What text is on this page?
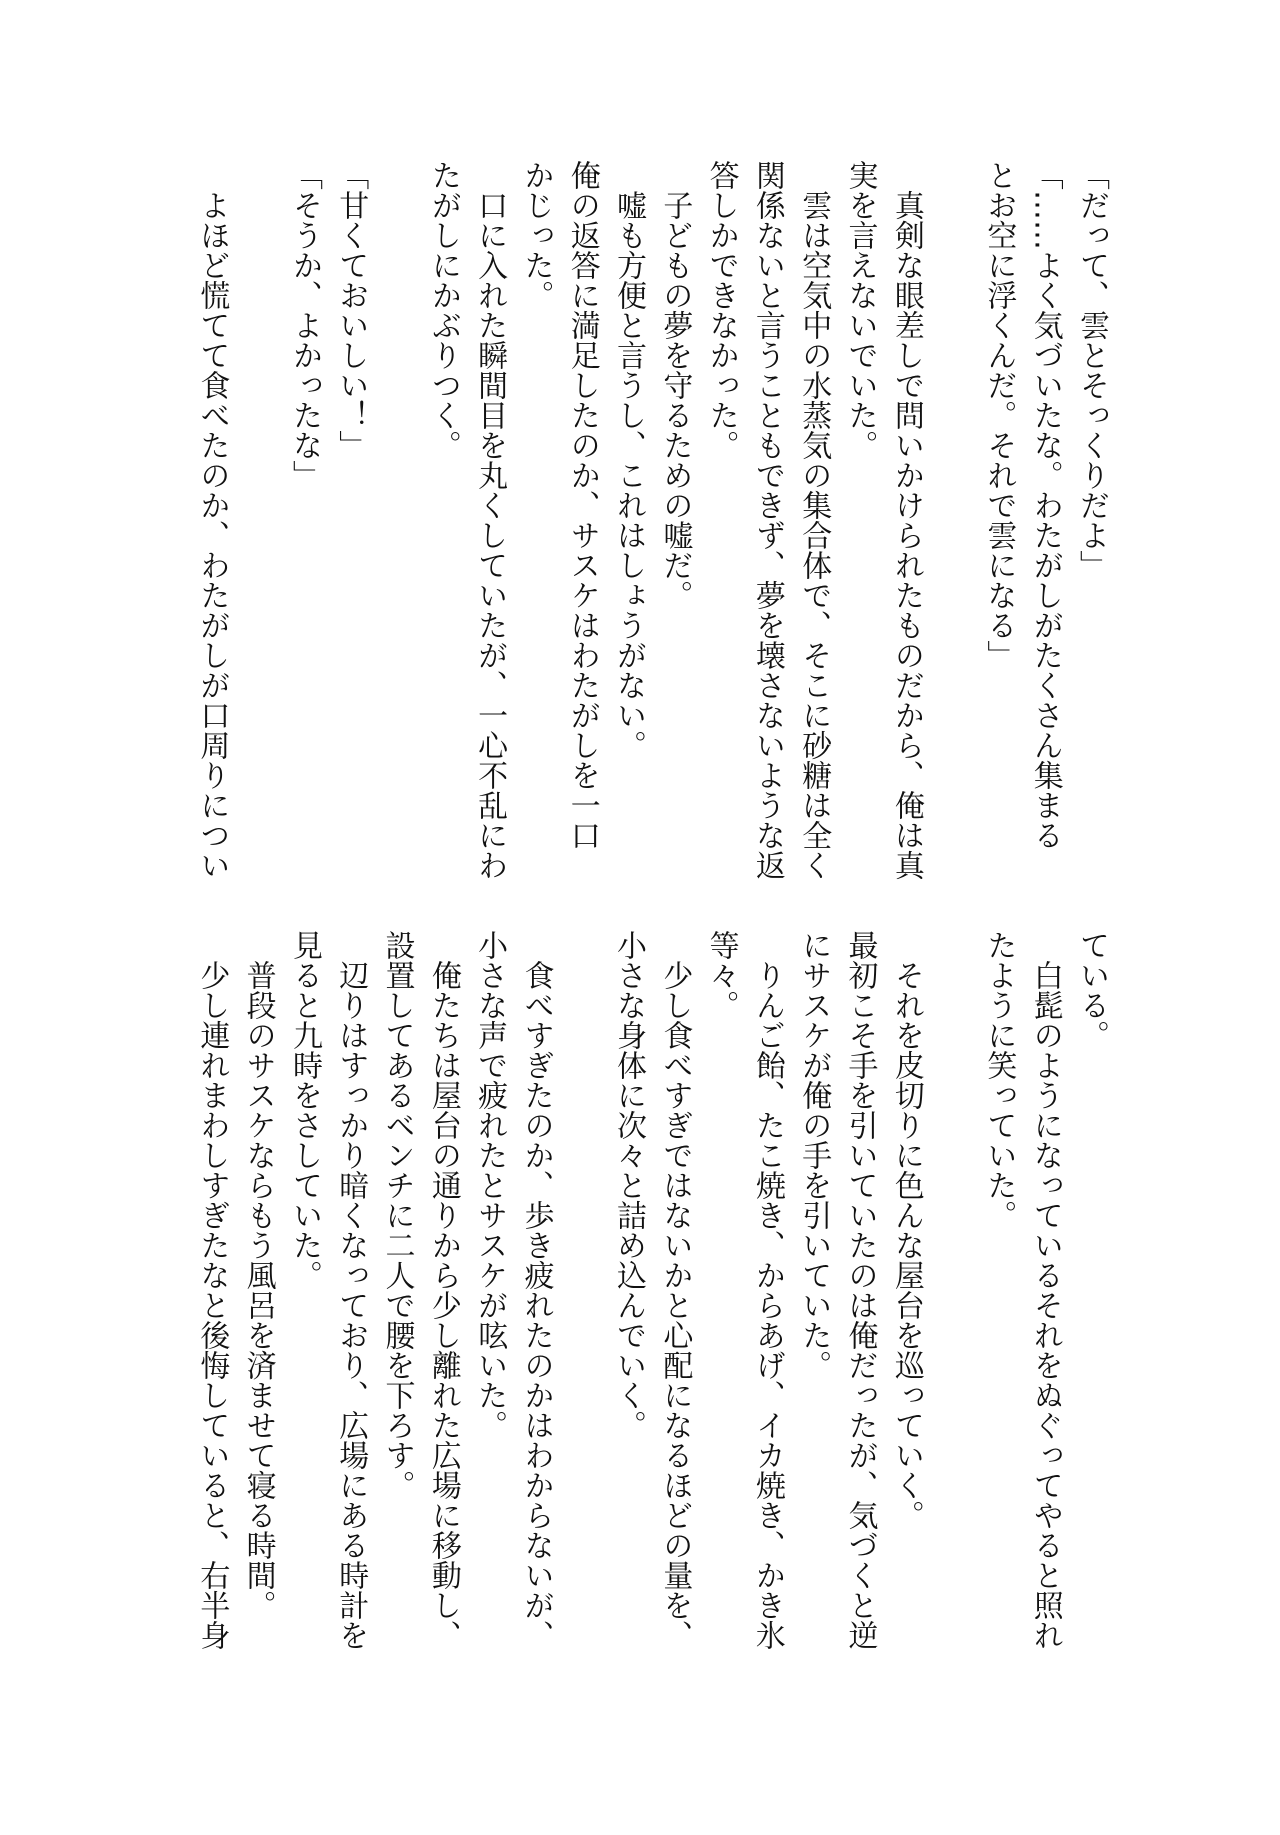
「だって、雲とそっくりだよ」
「……よく気づいたな。わたがしがたくさん集まる
とお空に浮くんだ。それで雲になる」
真剣な眼差しで問いかけられたものだから、俺は真
実を言えないでいた。
雲は空気中の水蒸気の集合体で、そこに砂糖は全く
関係ないと言うこともできず、夢を壊さないような返
答しかできなかった。
子どもの夢を守るための嘘だ。
嘘も方便と言うし、これはしょうがない。
俺の返答に満足したのか、サスケはわたがしを一口
かじった。
口に入れた瞬間目を丸くしていたが、一心不乱にわ
たがしにかぶりつく。
「甘くておいしい！」
「そうか、よかったな」
よほど慌てて食べたのか、わたがしが口周りについ
ている。
白髭のようになっているそれをぬぐってやると照れ
たように笑っていた。
それを皮切りに色んな屋台を巡っていく。
最初こそ手を引いていたのは俺だったが、気づくと逆
にサスケが俺の手を引いていた。
りんご飴、たこ焼き、からあげ、イカ焼き、かき氷
等々。
少し食べすぎではないかと心配になるほどの量を、
小さな身体に次々と詰め込んでいく。
食べすぎたのか、歩き疲れたのかはわからないが、
小さな声で疲れたとサスケが呟いた。
俺たちは屋台の通りから少し離れた広場に移動し、
設置してあるベンチに二人で腰を下ろす。
辺りはすっかり暗くなっており、広場にある時計を
見ると九時をさしていた。
普段のサスケならもう風呂を済ませて寝る時間。
少し連れまわしすぎたなと後悔していると、右半身
